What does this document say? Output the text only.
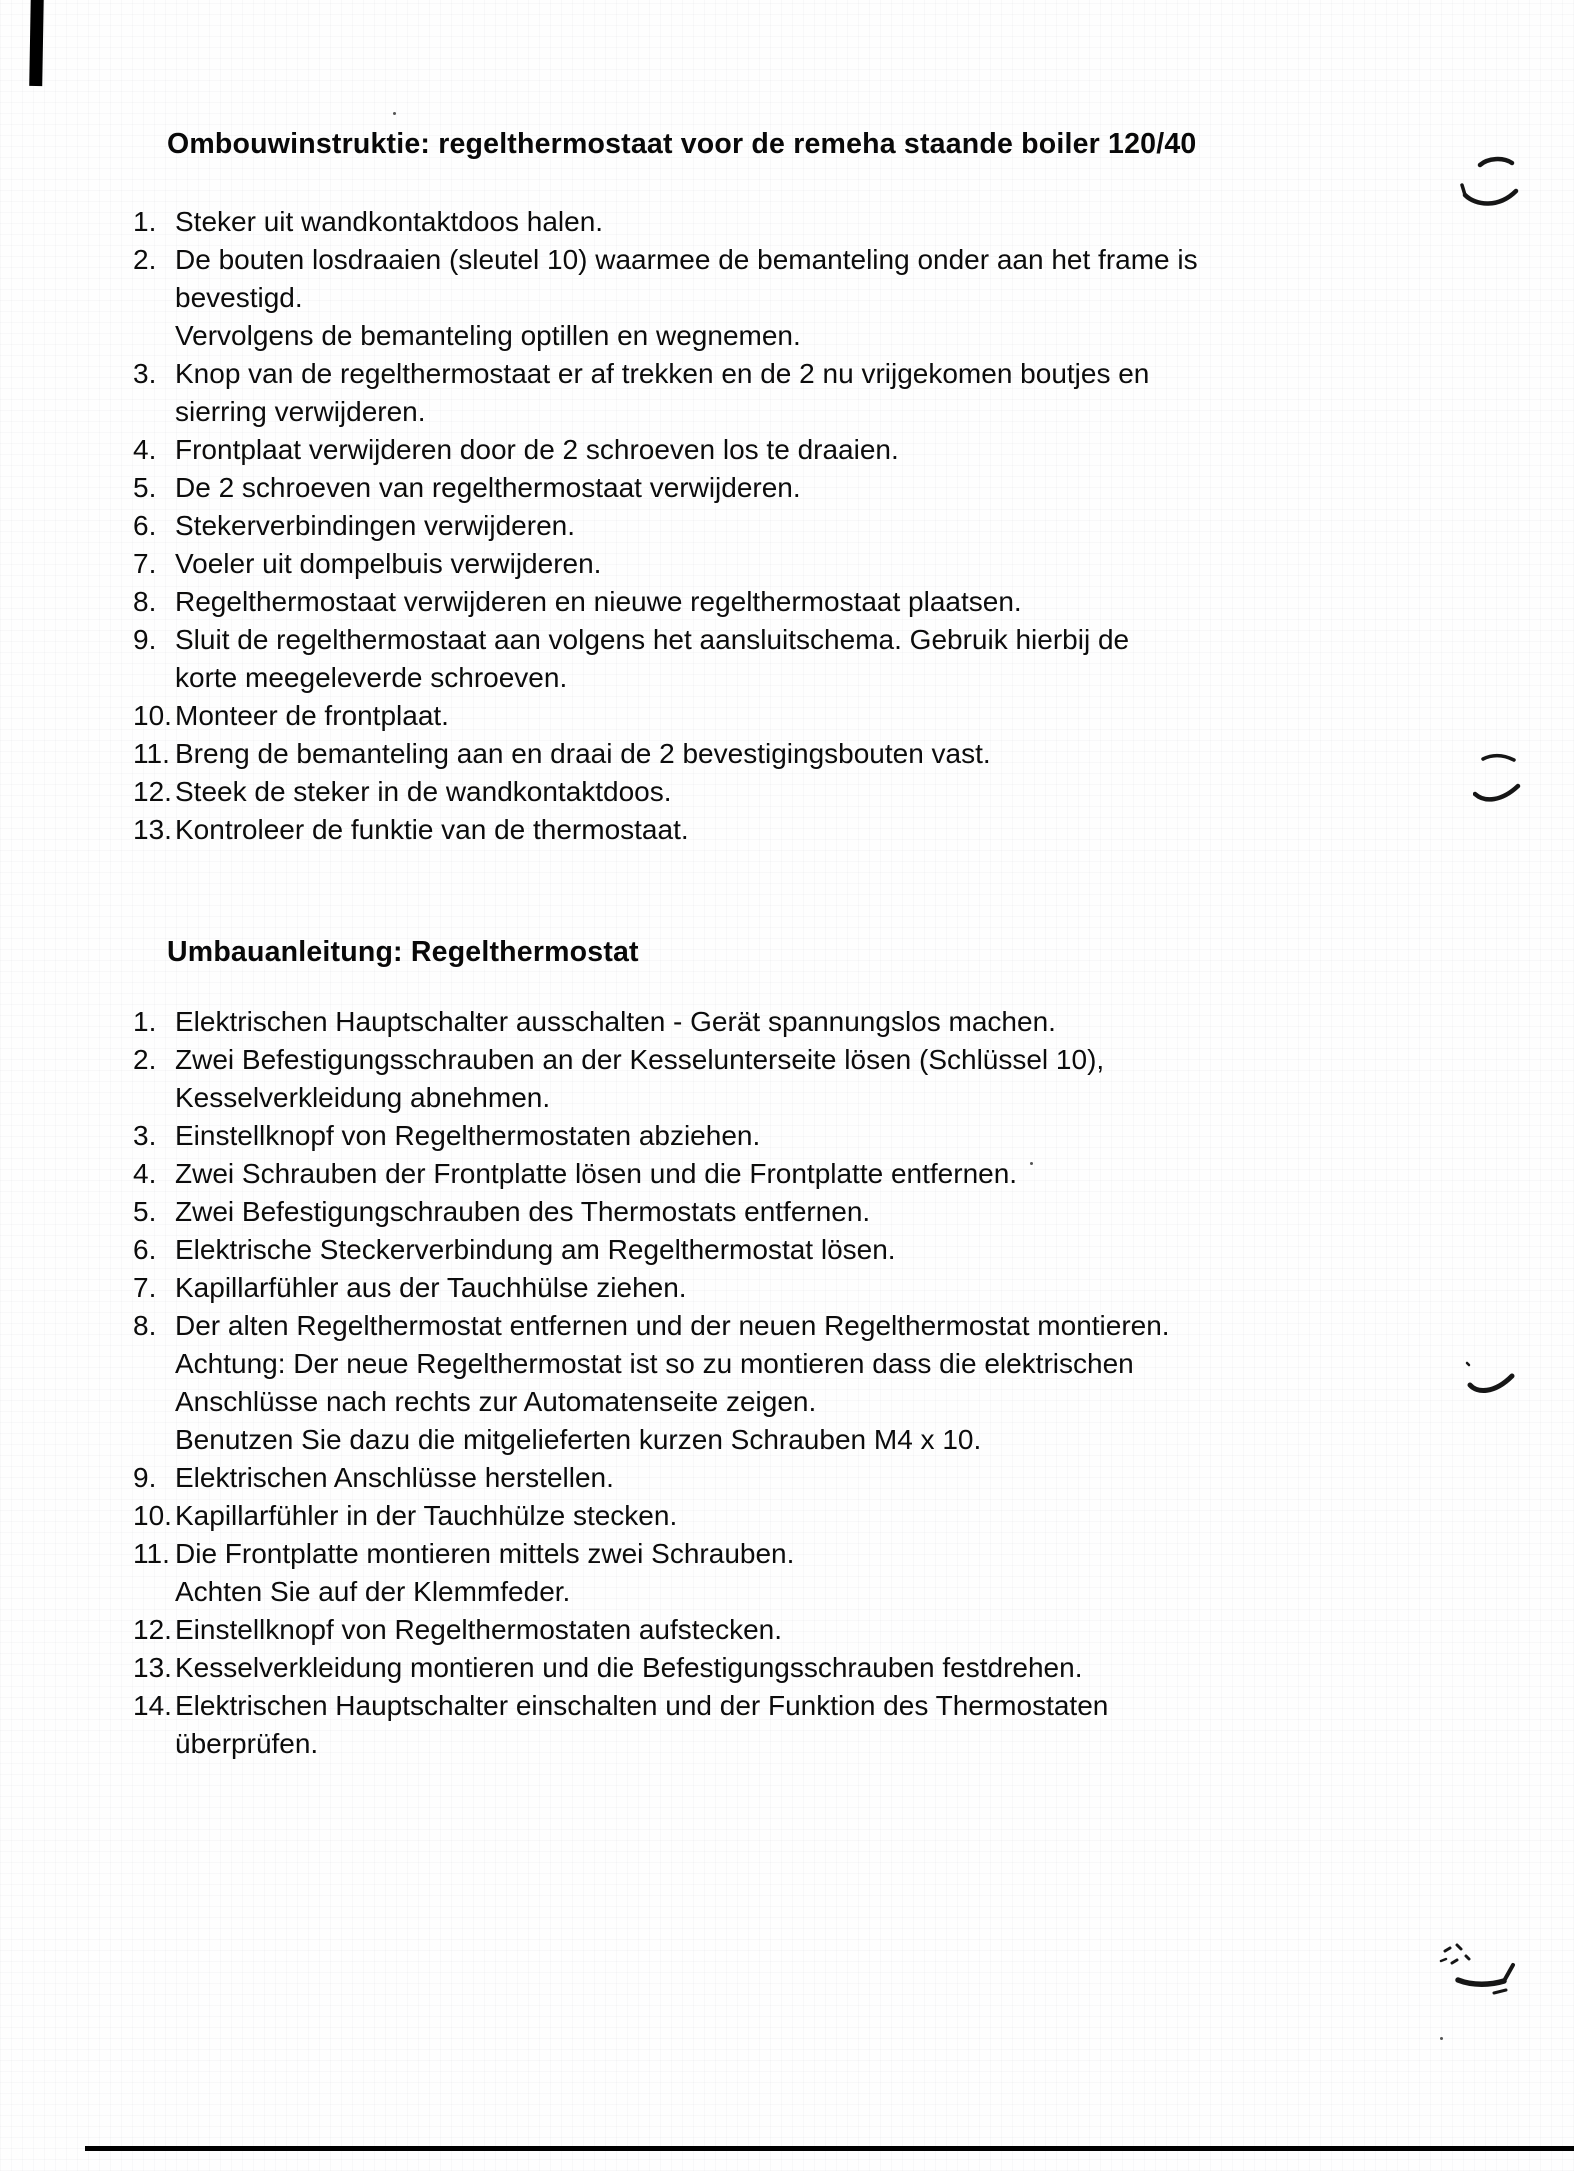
Ombouwinstruktie: regelthermostaat voor de remeha staande boiler 120/40
1. Steker uit wandkontaktdoos halen.
2. De bouten losdraaien (sleutel 10) waarmee de bemanteling onder aan het frame is
bevestigd.
Vervolgens de bemanteling optillen en wegnemen.
3. Knop van de regelthermostaat er af trekken en de 2 nu vrijgekomen boutjes en
sierring verwijderen.
4. Frontplaat verwijderen door de 2 schroeven los te draaien.
5. De 2 schroeven van regelthermostaat verwijderen.
6. Stekerverbindingen verwijderen.
7. Voeler uit dompelbuis verwijderen.
8. Regelthermostaat verwijderen en nieuwe regelthermostaat plaatsen.
9. Sluit de regelthermostaat aan volgens het aansluitschema. Gebruik hierbij de
korte meegeleverde schroeven.
10. Monteer de frontplaat.
11. Breng de bemanteling aan en draai de 2 bevestigingsbouten vast.
12. Steek de steker in de wandkontaktdoos.
13. Kontroleer de funktie van de thermostaat.
Umbauanleitung: Regelthermostat
1. Elektrischen Hauptschalter ausschalten - Gerät spannungslos machen.
2. Zwei Befestigungsschrauben an der Kesselunterseite lösen (Schlüssel 10),
Kesselverkleidung abnehmen.
3. Einstellknopf von Regelthermostaten abziehen.
4. Zwei Schrauben der Frontplatte lösen und die Frontplatte entfernen.
5. Zwei Befestigungschrauben des Thermostats entfernen.
6. Elektrische Steckerverbindung am Regelthermostat lösen.
7. Kapillarfühler aus der Tauchhülse ziehen.
8. Der alten Regelthermostat entfernen und der neuen Regelthermostat montieren.
Achtung: Der neue Regelthermostat ist so zu montieren dass die elektrischen
Anschlüsse nach rechts zur Automatenseite zeigen.
Benutzen Sie dazu die mitgelieferten kurzen Schrauben M4 x 10.
9. Elektrischen Anschlüsse herstellen.
10. Kapillarfühler in der Tauchhülze stecken.
11. Die Frontplatte montieren mittels zwei Schrauben.
Achten Sie auf der Klemmfeder.
12. Einstellknopf von Regelthermostaten aufstecken.
13. Kesselverkleidung montieren und die Befestigungsschrauben festdrehen.
14. Elektrischen Hauptschalter einschalten und der Funktion des Thermostaten
überprüfen.
